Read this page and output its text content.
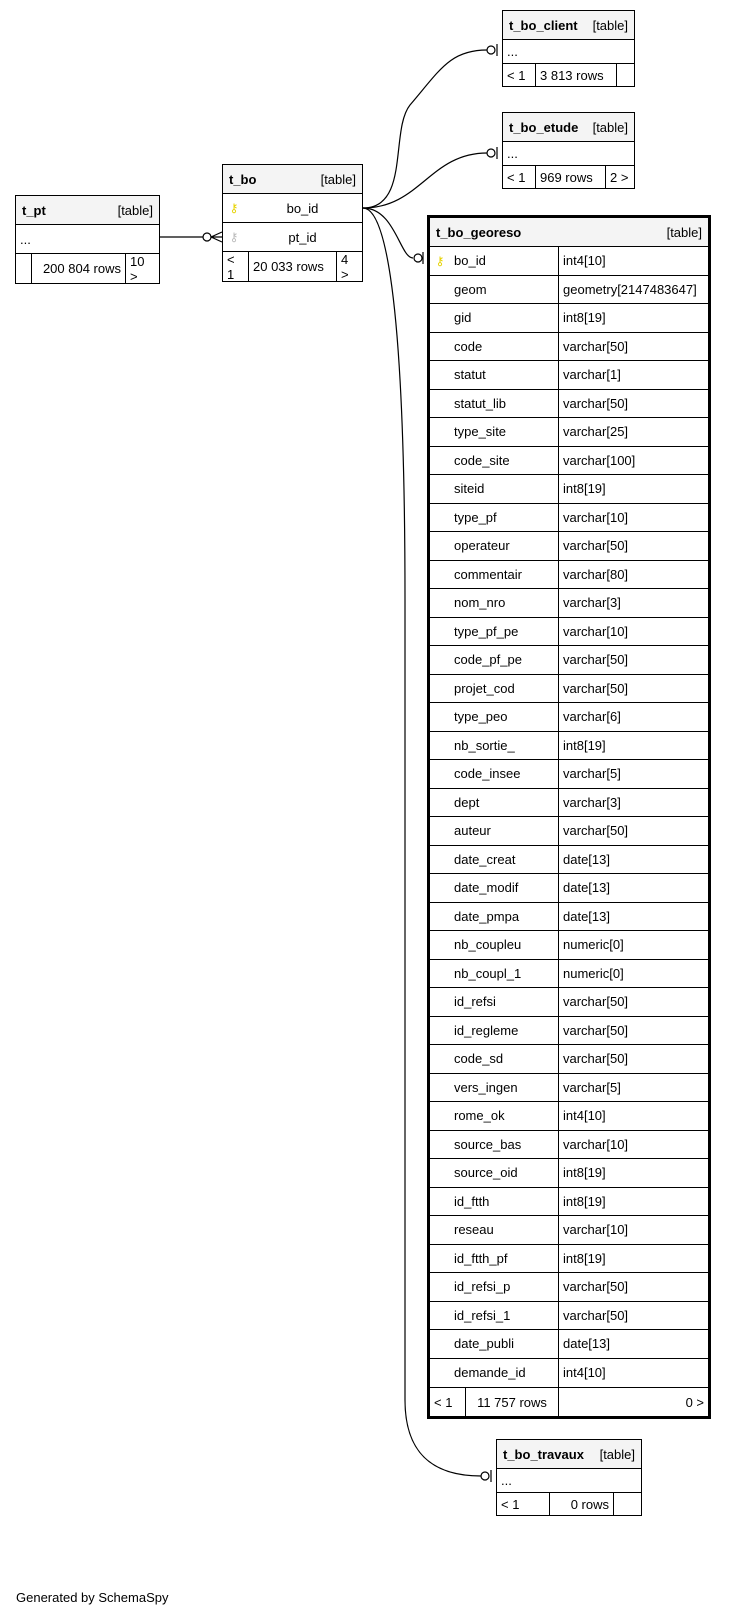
t_pt	[table]
...
200 804 rows 10 >
t_bo	[table]
⚷	bo_id
⚷	pt_id
< 1	20 033 rows	4 >
t_bo_client [table]
...
< 1	3 813 rows
t_bo_etude [table]
...
< 1	969 rows	2 >
t_bo_georeso	[table]
⚷ bo_id	int4[10]
geom	geometry[2147483647]
gid	int8[19]
code	varchar[50]
statut	varchar[1]
statut_lib	varchar[50]
type_site	varchar[25]
code_site	varchar[100]
siteid	int8[19]
type_pf	varchar[10]
operateur	varchar[50]
commentair	varchar[80]
nom_nro	varchar[3]
type_pf_pe	varchar[10]
code_pf_pe	varchar[50]
projet_cod	varchar[50]
type_peo	varchar[6]
nb_sortie_	int8[19]
code_insee	varchar[5]
dept	varchar[3]
auteur	varchar[50]
date_creat	date[13]
date_modif	date[13]
date_pmpa	date[13]
nb_coupleu	numeric[0]
nb_coupl_1	numeric[0]
id_refsi	varchar[50]
id_regleme	varchar[50]
code_sd	varchar[50]
vers_ingen	varchar[5]
rome_ok	int4[10]
source_bas	varchar[10]
source_oid	int8[19]
id_ftth	int8[19]
reseau	varchar[10]
id_ftth_pf	int8[19]
id_refsi_p	varchar[50]
id_refsi_1	varchar[50]
date_publi	date[13]
demande_id	int4[10]
< 1	11 757 rows	0 >
t_bo_travaux [table]
...
< 1	0 rows
Generated by SchemaSpy
